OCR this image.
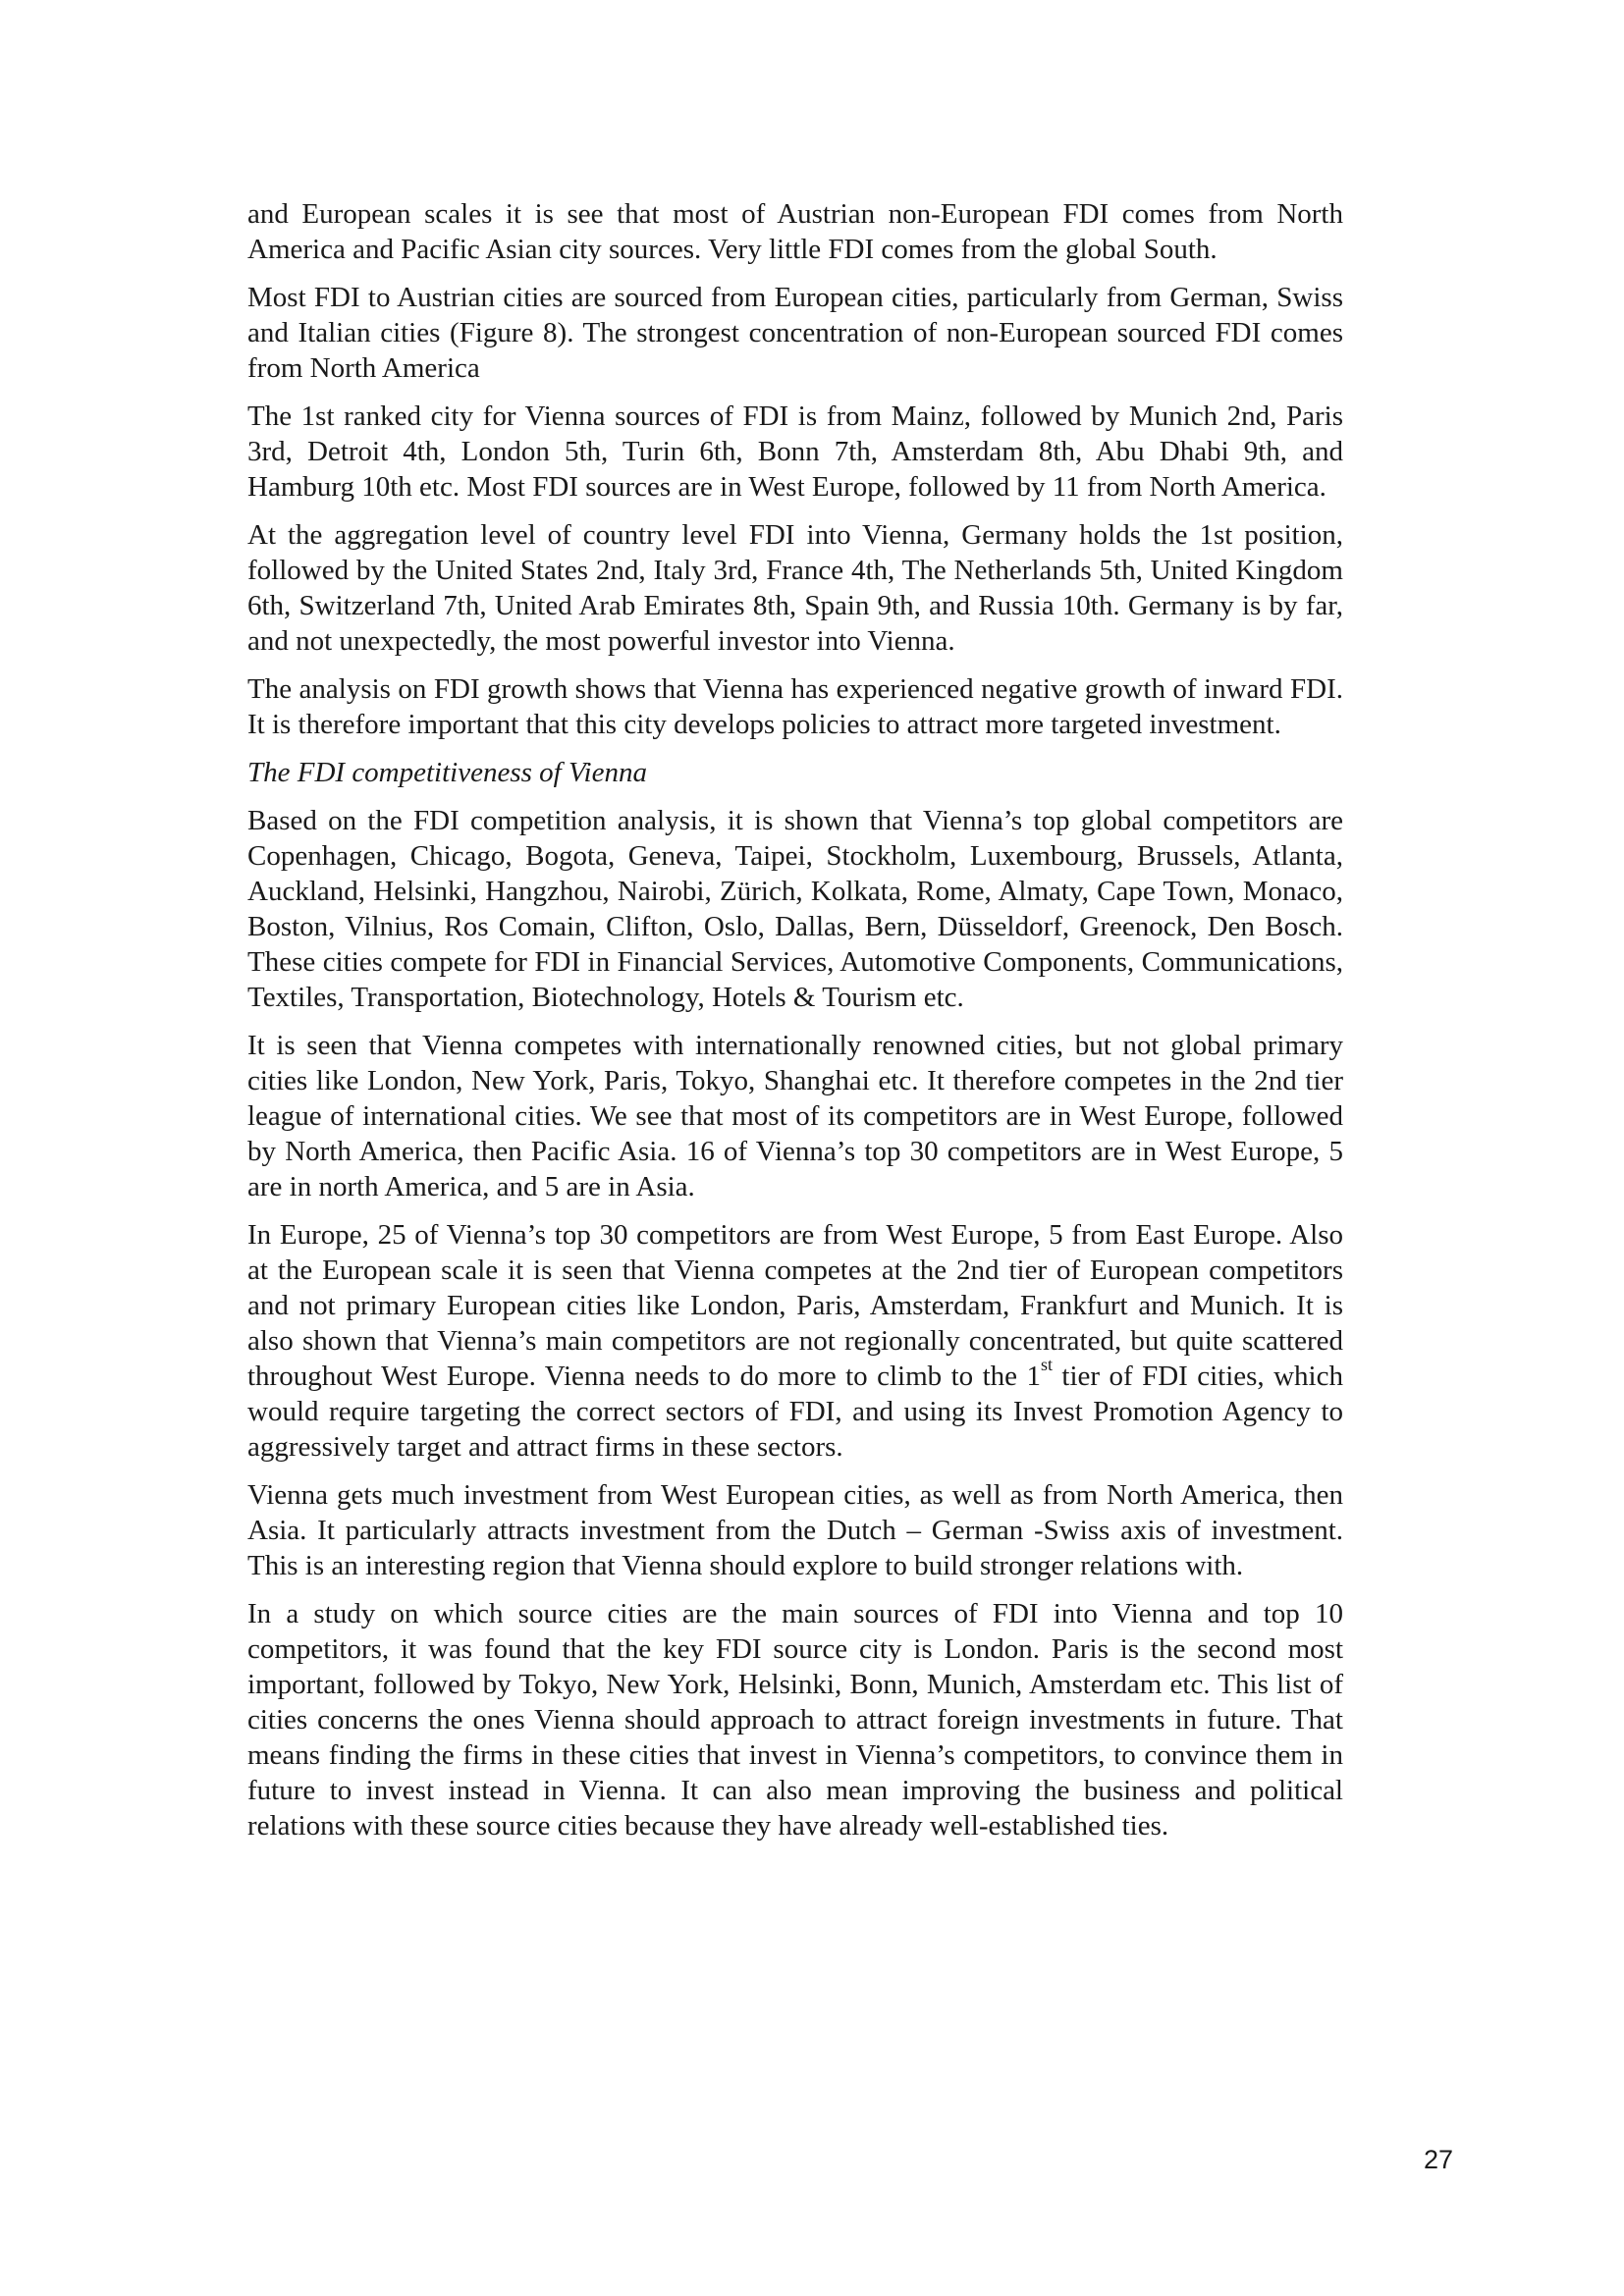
and European scales it is see that most of Austrian non-European FDI comes from North America and Pacific Asian city sources. Very little FDI comes from the global South.

Most FDI to Austrian cities are sourced from European cities, particularly from German, Swiss and Italian cities (Figure 8). The strongest concentration of non-European sourced FDI comes from North America

The 1st ranked city for Vienna sources of FDI is from Mainz, followed by Munich 2nd, Paris 3rd, Detroit 4th, London 5th, Turin 6th, Bonn 7th, Amsterdam 8th, Abu Dhabi 9th, and Hamburg 10th etc. Most FDI sources are in West Europe, followed by 11 from North America.

At the aggregation level of country level FDI into Vienna, Germany holds the 1st position, followed by the United States 2nd, Italy 3rd, France 4th, The Netherlands 5th, United Kingdom 6th, Switzerland 7th, United Arab Emirates 8th, Spain 9th, and Russia 10th. Germany is by far, and not unexpectedly, the most powerful investor into Vienna.

The analysis on FDI growth shows that Vienna has experienced negative growth of inward FDI. It is therefore important that this city develops policies to attract more targeted investment.

The FDI competitiveness of Vienna

Based on the FDI competition analysis, it is shown that Vienna’s top global competitors are Copenhagen, Chicago, Bogota, Geneva, Taipei, Stockholm, Luxembourg, Brussels, Atlanta, Auckland, Helsinki, Hangzhou, Nairobi, Zürich, Kolkata, Rome, Almaty, Cape Town, Monaco, Boston, Vilnius, Ros Comain, Clifton, Oslo, Dallas, Bern, Düsseldorf, Greenock, Den Bosch. These cities compete for FDI in Financial Services, Automotive Components, Communications, Textiles, Transportation, Biotechnology, Hotels & Tourism etc.

It is seen that Vienna competes with internationally renowned cities, but not global primary cities like London, New York, Paris, Tokyo, Shanghai etc. It therefore competes in the 2nd tier league of international cities. We see that most of its competitors are in West Europe, followed by North America, then Pacific Asia. 16 of Vienna’s top 30 competitors are in West Europe, 5 are in north America, and 5 are in Asia.

In Europe, 25 of Vienna’s top 30 competitors are from West Europe, 5 from East Europe. Also at the European scale it is seen that Vienna competes at the 2nd tier of European competitors and not primary European cities like London, Paris, Amsterdam, Frankfurt and Munich. It is also shown that Vienna’s main competitors are not regionally concentrated, but quite scattered throughout West Europe. Vienna needs to do more to climb to the 1st tier of FDI cities, which would require targeting the correct sectors of FDI, and using its Invest Promotion Agency to aggressively target and attract firms in these sectors.

Vienna gets much investment from West European cities, as well as from North America, then Asia. It particularly attracts investment from the Dutch – German -Swiss axis of investment. This is an interesting region that Vienna should explore to build stronger relations with.

In a study on which source cities are the main sources of FDI into Vienna and top 10 competitors, it was found that the key FDI source city is London. Paris is the second most important, followed by Tokyo, New York, Helsinki, Bonn, Munich, Amsterdam etc. This list of cities concerns the ones Vienna should approach to attract foreign investments in future. That means finding the firms in these cities that invest in Vienna’s competitors, to convince them in future to invest instead in Vienna. It can also mean improving the business and political relations with these source cities because they have already well-established ties.

27
